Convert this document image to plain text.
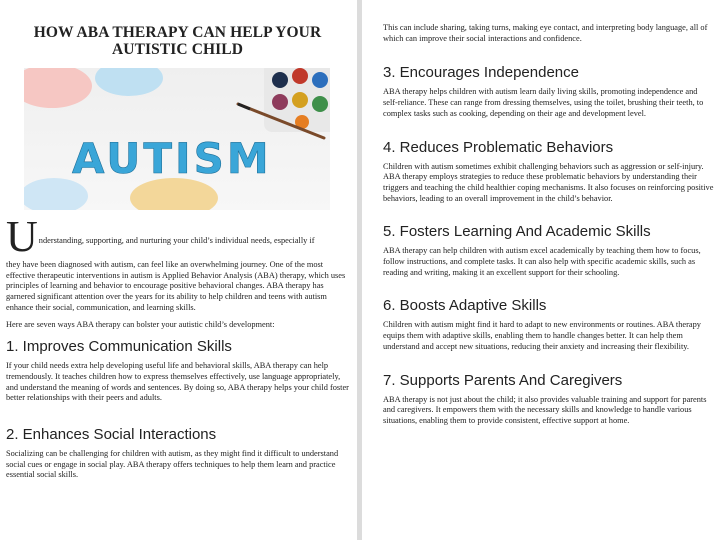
HOW ABA THERAPY CAN HELP YOUR AUTISTIC CHILD
AUTISM
U nderstanding, supporting, and nurturing your child’s individual needs, especially if

they have been diagnosed with autism, can feel like an overwhelming journey. One of the most effective therapeutic interventions in autism is Applied Behavior Analysis (ABA) therapy, which uses principles of learning and behavior to encourage positive behavioral changes. ABA therapy has garnered significant attention over the years for its ability to help children and teens with autism enhance their social, communication, and learning skills.

Here are seven ways ABA therapy can bolster your autistic child’s development:

1. Improves Communication Skills

If your child needs extra help developing useful life and behavioral skills, ABA therapy can help tremendously. It teaches children how to express themselves effectively, use language appropriately, and understand the meaning of words and sentences. By doing so, ABA therapy helps your child foster better relationships with their peers and adults.

2. Enhances Social Interactions

Socializing can be challenging for children with autism, as they might find it difficult to understand social cues or engage in social play. ABA therapy offers techniques to help them learn and practice essential social skills.

This can include sharing, taking turns, making eye contact, and interpreting body language, all of which can improve their social interactions and confidence.

3. Encourages Independence

ABA therapy helps children with autism learn daily living skills, promoting independence and self-reliance. These can range from dressing themselves, using the toilet, brushing their teeth, to complex tasks such as cooking, depending on their age and development level.

4. Reduces Problematic Behaviors

Children with autism sometimes exhibit challenging behaviors such as aggression or self-injury. ABA therapy employs strategies to reduce these problematic behaviors by understanding their triggers and teaching the child healthier coping mechanisms. It also focuses on reinforcing positive behaviors, leading to an overall improvement in the child’s behavior.

5. Fosters Learning And Academic Skills

ABA therapy can help children with autism excel academically by teaching them how to focus, follow instructions, and complete tasks. It can also help with specific academic skills, such as reading and writing, making it an excellent support for their schooling.

6. Boosts Adaptive Skills

Children with autism might find it hard to adapt to new environments or routines. ABA therapy equips them with adaptive skills, enabling them to handle changes better. It can help them understand and accept new situations, reducing their anxiety and increasing their flexibility.

7. Supports Parents And Caregivers

ABA therapy is not just about the child; it also provides valuable training and support for parents and caregivers. It empowers them with the necessary skills and knowledge to handle various situations, enabling them to provide consistent, effective support at home.
